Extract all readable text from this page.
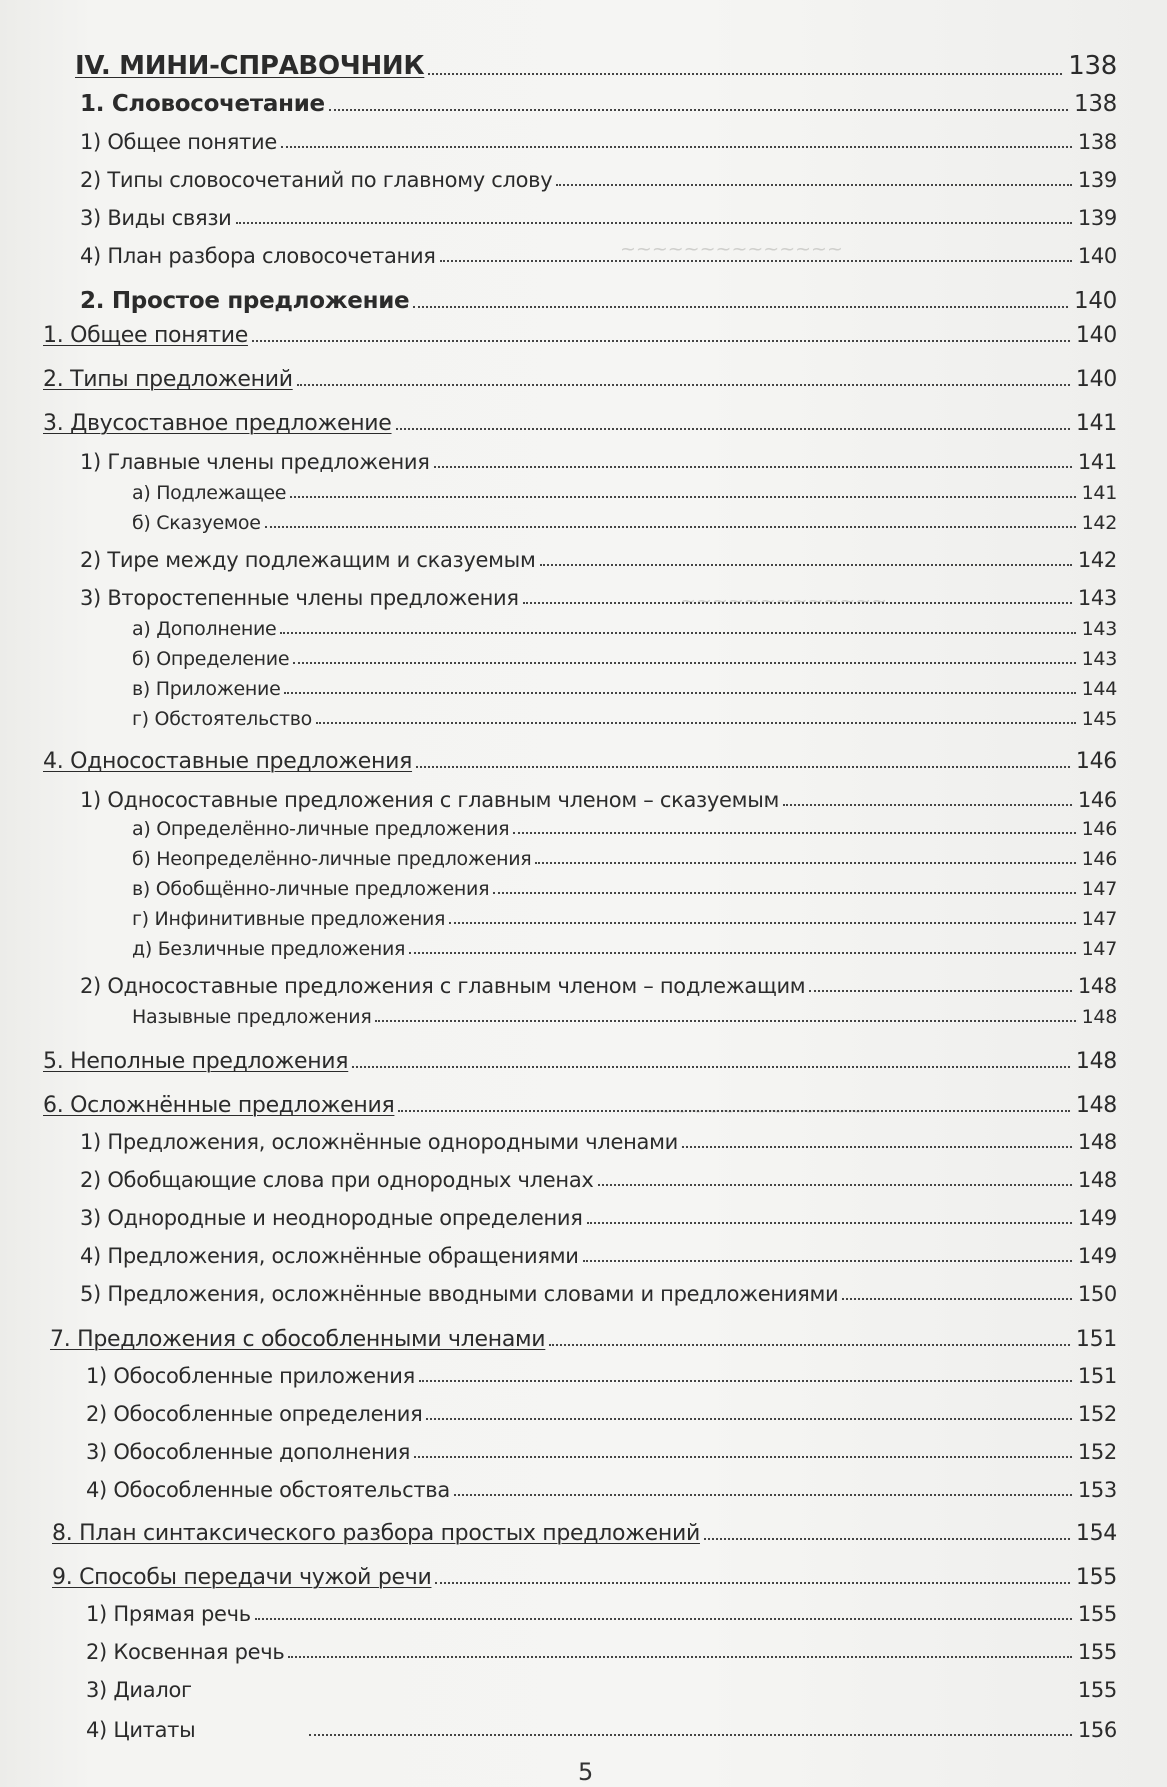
~~~~~~~~~~~~~~
~~~~~~~~~~~~~
~~~~~~~~~~~~~~~
IV. МИНИ-СПРАВОЧНИК	138
1. Словосочетание	138
1) Общее понятие	138
2) Типы словосочетаний по главному слову	139
3) Виды связи	139
4) План разбора словосочетания	140
2. Простое предложение	140
1. Общее понятие	140
2. Типы предложений	140
3. Двусоставное предложение	141
1) Главные члены предложения	141
а) Подлежащее	141
б) Сказуемое	142
2) Тире между подлежащим и сказуемым	142
3) Второстепенные члены предложения	143
а) Дополнение	143
б) Определение	143
в) Приложение	144
г) Обстоятельство	145
4. Односоставные предложения	146
1) Односоставные предложения с главным членом – сказуемым	146
а) Определённо-личные предложения	146
б) Неопределённо-личные предложения	146
в) Обобщённо-личные предложения	147
г) Инфинитивные предложения	147
д) Безличные предложения	147
2) Односоставные предложения с главным членом – подлежащим	148
Назывные предложения	148
5. Неполные предложения	148
6. Осложнённые предложения	148
1) Предложения, осложнённые однородными членами	148
2) Обобщающие слова при однородных членах	148
3) Однородные и неоднородные определения	149
4) Предложения, осложнённые обращениями	149
5) Предложения, осложнённые вводными словами и предложениями	150
7. Предложения с обособленными членами	151
1) Обособленные приложения	151
2) Обособленные определения	152
3) Обособленные дополнения	152
4) Обособленные обстоятельства	153
8. План синтаксического разбора простых предложений	154
9. Способы передачи чужой речи	155
1) Прямая речь	155
2) Косвенная речь	155
3) Диалог	155
4) Цитаты	156
5
